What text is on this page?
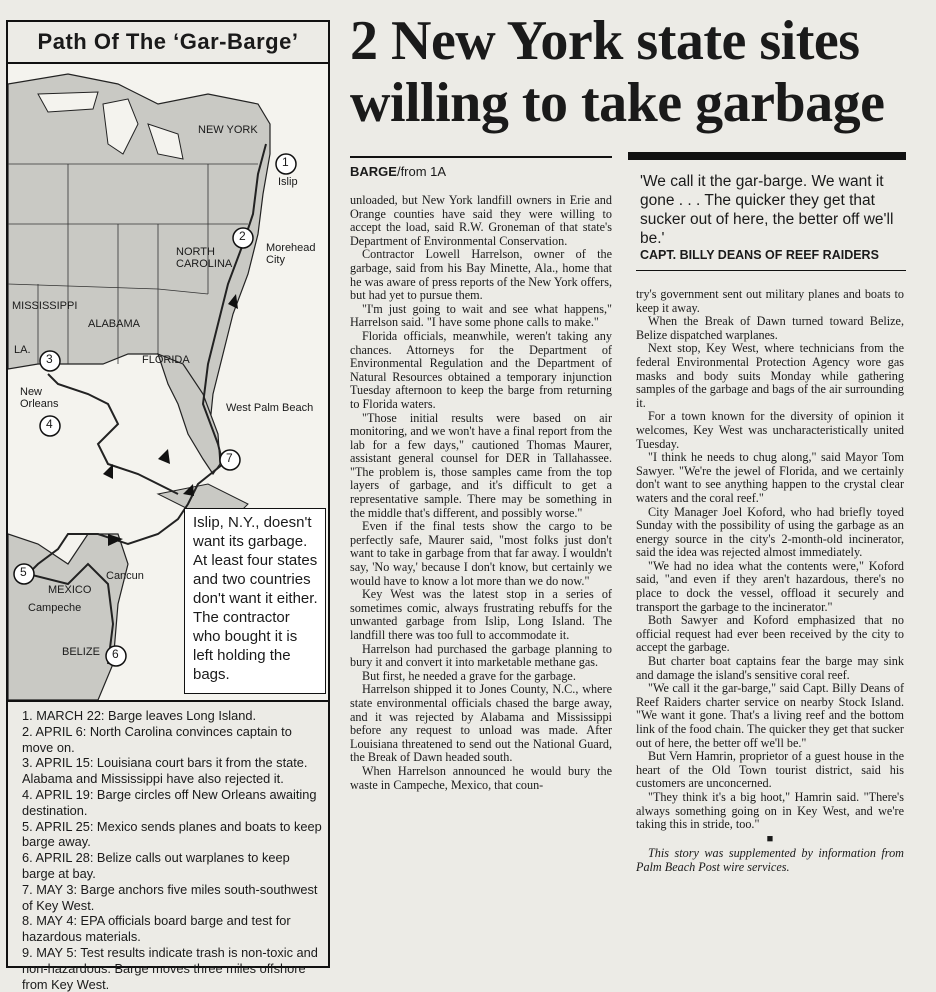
Path Of The ‘Gar-Barge’
1
2
3
4
5
6
7
NEW YORK
Islip
NORTH
CAROLINA
Morehead
City
MISSISSIPPI
ALABAMA
LA.
FLORIDA
New
Orleans	West Palm Beach
Cancun
MEXICO
Campeche
BELIZE
Islip, N.Y., doesn't want its garbage. At least four states and two countries don't want it either. The contractor who bought it is left holding the bags.
1. MARCH 22: Barge leaves Long Island.
2. APRIL 6: North Carolina convinces captain to move on.
3. APRIL 15: Louisiana court bars it from the state. Alabama and Mississippi have also rejected it.
4. APRIL 19: Barge circles off New Orleans awaiting destination.
5. APRIL 25: Mexico sends planes and boats to keep barge away.
6. APRIL 28: Belize calls out warplanes to keep barge at bay.
7. MAY 3: Barge anchors five miles south-southwest of Key West.
8. MAY 4: EPA officials board barge and test for hazardous materials.
9. MAY 5: Test results indicate trash is non-toxic and non-hazardous. Barge moves three miles offshore from Key West.
2 New York state sites willing to take garbage
BARGE/from 1A
'We call it the gar-barge. We want it gone . . . The quicker they get that sucker out of here, the better off we'll be.'
CAPT. BILLY DEANS OF REEF RAIDERS

unloaded, but New York landfill owners in Erie and Orange counties have said they were willing to accept the load, said R.W. Groneman of that state's Department of Environmental Conservation.

Contractor Lowell Harrelson, owner of the garbage, said from his Bay Minette, Ala., home that he was aware of press reports of the New York offers, but had yet to pursue them.

"I'm just going to wait and see what happens," Harrelson said. "I have some phone calls to make."

Florida officials, meanwhile, weren't taking any chances. Attorneys for the Department of Environmental Regulation and the Department of Natural Resources obtained a temporary injunction Tuesday afternoon to keep the barge from returning to Florida waters.

"Those initial results were based on air monitoring, and we won't have a final report from the lab for a few days," cautioned Thomas Maurer, assistant general counsel for DER in Tallahassee. "The problem is, those samples came from the top layers of garbage, and it's difficult to get a representative sample. There may be something in the middle that's different, and possibly worse."

Even if the final tests show the cargo to be perfectly safe, Maurer said, "most folks just don't want to take in garbage from that far away. I wouldn't say, 'No way,' because I don't know, but certainly we would have to know a lot more than we do now."

Key West was the latest stop in a series of sometimes comic, always frustrating rebuffs for the unwanted garbage from Islip, Long Island. The landfill there was too full to accommodate it.

Harrelson had purchased the garbage planning to bury it and convert it into marketable methane gas.

But first, he needed a grave for the garbage.

Harrelson shipped it to Jones County, N.C., where state environmental officials chased the barge away, and it was rejected by Alabama and Mississippi before any request to unload was made. After Louisiana threatened to send out the National Guard, the Break of Dawn headed south.

When Harrelson announced he would bury the waste in Campeche, Mexico, that coun-

try's government sent out military planes and boats to keep it away.

When the Break of Dawn turned toward Belize, Belize dispatched warplanes.

Next stop, Key West, where technicians from the federal Environmental Protection Agency wore gas masks and body suits Monday while gathering samples of the garbage and bags of the air surrounding it.

For a town known for the diversity of opinion it welcomes, Key West was uncharacteristically united Tuesday.

"I think he needs to chug along," said Mayor Tom Sawyer. "We're the jewel of Florida, and we certainly don't want to see anything happen to the crystal clear waters and the coral reef."

City Manager Joel Koford, who had briefly toyed Sunday with the possibility of using the garbage as an energy source in the city's 2-month-old incinerator, said the idea was rejected almost immediately.

"We had no idea what the contents were," Koford said, "and even if they aren't hazardous, there's no place to dock the vessel, offload it securely and transport the garbage to the incinerator."

Both Sawyer and Koford emphasized that no official request had ever been received by the city to accept the garbage.

But charter boat captains fear the barge may sink and damage the island's sensitive coral reef.

"We call it the gar-barge," said Capt. Billy Deans of Reef Raiders charter service on nearby Stock Island. "We want it gone. That's a living reef and the bottom link of the food chain. The quicker they get that sucker out of here, the better off we'll be."

But Vern Hamrin, proprietor of a guest house in the heart of the Old Town tourist district, said his customers are unconcerned.

"They think it's a big hoot," Hamrin said. "There's always something going on in Key West, and we're taking this in stride, too."

■

This story was supplemented by information from Palm Beach Post wire services.
